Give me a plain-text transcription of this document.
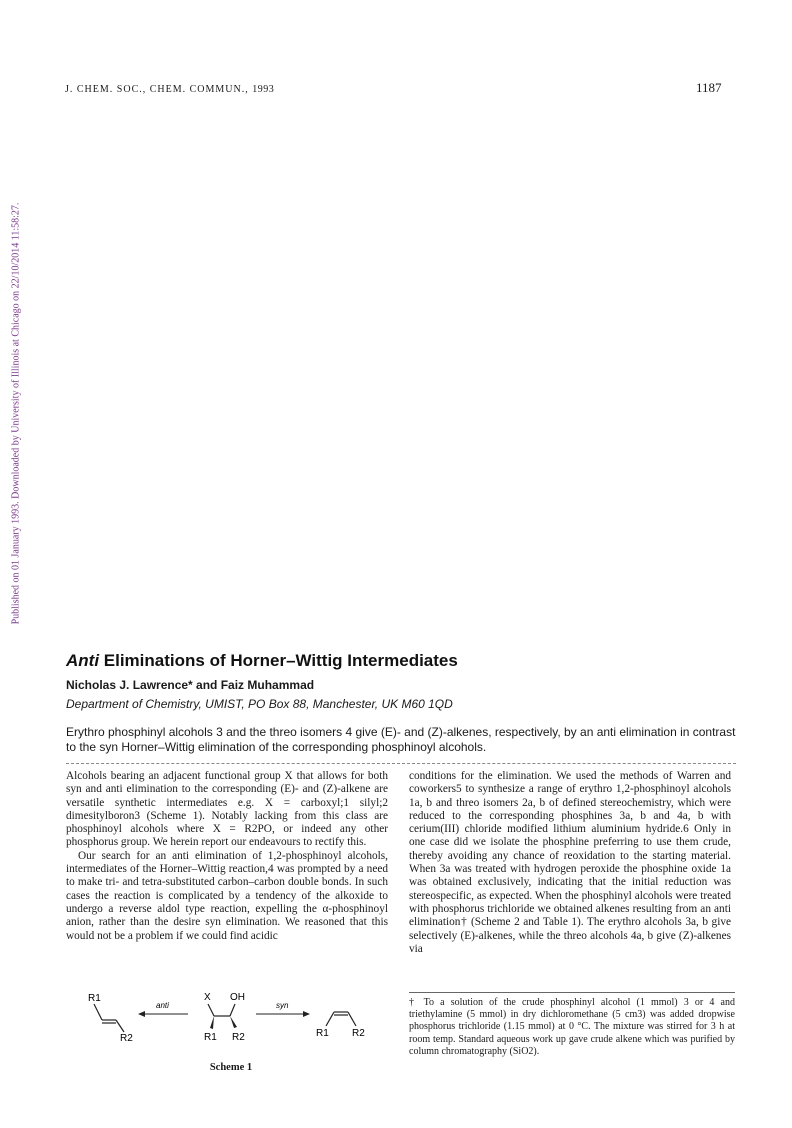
J. CHEM. SOC., CHEM. COMMUN., 1993	1187
Published on 01 January 1993. Downloaded by University of Illinois at Chicago on 22/10/2014 11:58:27.
Anti Eliminations of Horner–Wittig Intermediates
Nicholas J. Lawrence* and Faiz Muhammad
Department of Chemistry, UMIST, PO Box 88, Manchester, UK M60 1QD
Erythro phosphinyl alcohols 3 and the threo isomers 4 give (E)- and (Z)-alkenes, respectively, by an anti elimination in contrast to the syn Horner–Wittig elimination of the corresponding phosphinoyl alcohols.

Alcohols bearing an adjacent functional group X that allows for both syn and anti elimination to the corresponding (E)- and (Z)-alkene are versatile synthetic intermediates e.g. X = carboxyl;1 silyl;2 dimesitylboron3 (Scheme 1). Notably lacking from this class are phosphinoyl alcohols where X = R2PO, or indeed any other phosphorus group. We herein report our endeavours to rectify this.

Our search for an anti elimination of 1,2-phosphinoyl alcohols, intermediates of the Horner–Wittig reaction,4 was prompted by a need to make tri- and tetra-substituted carbon–carbon double bonds. In such cases the reaction is complicated by a tendency of the alkoxide to undergo a reverse aldol type reaction, expelling the α-phosphinoyl anion, rather than the desire syn elimination. We reasoned that this would not be a problem if we could find acidic

conditions for the elimination. We used the methods of Warren and coworkers5 to synthesize a range of erythro 1,2-phosphinoyl alcohols 1a, b and threo isomers 2a, b of defined stereochemistry, which were reduced to the corresponding phosphines 3a, b and 4a, b with cerium(III) chloride modified lithium aluminium hydride.6 Only in one case did we isolate the phosphine preferring to use them crude, thereby avoiding any chance of reoxidation to the starting material. When 3a was treated with hydrogen peroxide the phosphine oxide 1a was obtained exclusively, indicating that the initial reduction was stereospecific, as expected. When the phosphinyl alcohols were treated with phosphorus trichloride we obtained alkenes resulting from an anti elimination† (Scheme 2 and Table 1). The erythro alcohols 3a, b give selectively (E)-alkenes, while the threo alcohols 4a, b give (Z)-alkenes via

† To a solution of the crude phosphinyl alcohol (1 mmol) 3 or 4 and triethylamine (5 mmol) in dry dichloromethane (5 cm3) was added dropwise phosphorus trichloride (1.15 mmol) at 0 °C. The mixture was stirred for 3 h at room temp. Standard aqueous work up gave crude alkene which was purified by column chromatography (SiO2).
R1
R2
anti
X OH
R1 R2
syn
R1 R2
Scheme 1
